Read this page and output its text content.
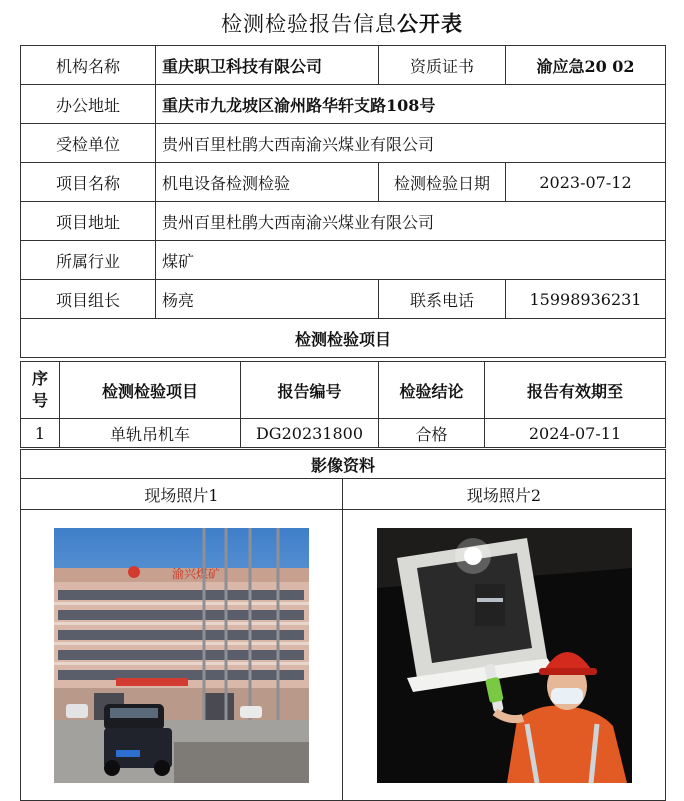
检测检验报告信息公开表
机构名称	重庆职卫科技有限公司	资质证书	渝应急20 02
办公地址	重庆市九龙坡区渝州路华轩支路108号		
受检单位	贵州百里杜鹃大西南渝兴煤业有限公司		
项目名称	机电设备检测检验	检测检验日期	2023-07-12
项目地址	贵州百里杜鹃大西南渝兴煤业有限公司		
所属行业	煤矿		
项目组长	杨亮	联系电话	15998936231
检测检验项目			
序号	检测检验项目	报告编号	检验结论	报告有效期至
1	单轨吊机车	DG20231800	合格	2024-07-11
影像资料	
现场照片1	现场照片2

渝兴煤矿
